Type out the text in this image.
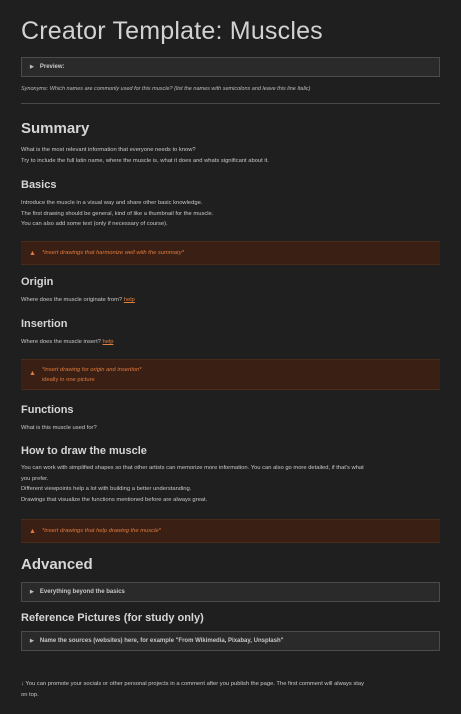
Creator Template: Muscles
▶ Preview:
Synonyms: Which names are commonly used for this muscle? (list the names with semicolons and leave this line Italic)
Summary

What is the most relevant information that everyone needs to know?

Try to include the full latin name, where the muscle is, what it does and whats significant about it.

Basics

Introduce the muscle in a visual way and share other basic knowledge.

The first drawing should be general, kind of like a thumbnail for the muscle.

You can also add some text (only if necessary of course).

▲ *insert drawings that harmonize well with the summary*
Origin

Where does the muscle originate from? help

Insertion

Where does the muscle insert? help

▲ *insert drawing for origin and insertion*
ideally in one picture
Functions

What is this muscle used for?

How to draw the muscle

You can work with simplified shapes so that other artists can memorize more information. You can also go more detailed, if that's what

you prefer.

Different viewpoints help a lot with building a better understanding.

Drawings that visualize the functions mentioned before are always great.

▲ *insert drawings that help drawing the muscle*
Advanced
▶ Everything beyond the basics
Reference Pictures (for study only)
▶ Name the sources (websites) here, for example "From Wikimedia, Pixabay, Unsplash"
↓ You can promote your socials or other personal projects in a comment after you publish the page. The first comment will always stay
on top.
